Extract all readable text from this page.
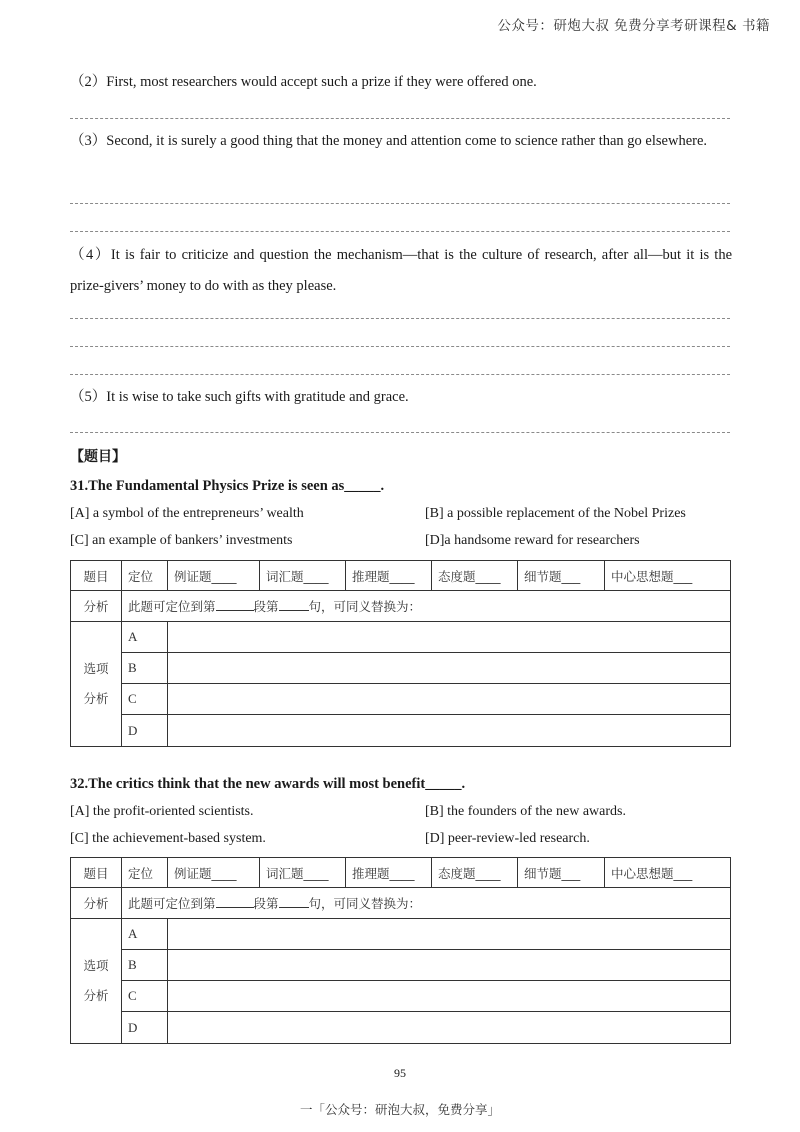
公众号：研炮大叔 免费分享考研课程& 书籍
（2）First, most researchers would accept such a prize if they were offered one.
（3）Second, it is surely a good thing that the money and attention come to science rather than go elsewhere.
（4）It is fair to criticize and question the mechanism—that is the culture of research, after all—but it is the prize-givers’ money to do with as they please.
（5）It is wise to take such gifts with gratitude and grace.
【题目】
31.The Fundamental Physics Prize is seen as_____.
[A] a symbol of the entrepreneurs’ wealth	[B] a possible replacement of the Nobel Prizes
[C] an example of bankers’ investments	[D]a handsome reward for researchers
题目	定位	例证题____	词汇题____	推理题____	态度题____	细节题___	中心思想题___
分析	此题可定位到第 段第 句，可同义替换为：						
选项
分析	A						
	B						
	C						
	D						
32.The critics think that the new awards will most benefit_____.
[A] the profit-oriented scientists.	[B] the founders of the new awards.
[C] the achievement-based system.	[D] peer-review-led research.
题目	定位	例证题____	词汇题____	推理题____	态度题____	细节题___	中心思想题___
分析	此题可定位到第 段第 句，可同义替换为：						
选项
分析	A						
	B						
	C						
	D						
95
一「公众号：研泡大叔，免费分享」
